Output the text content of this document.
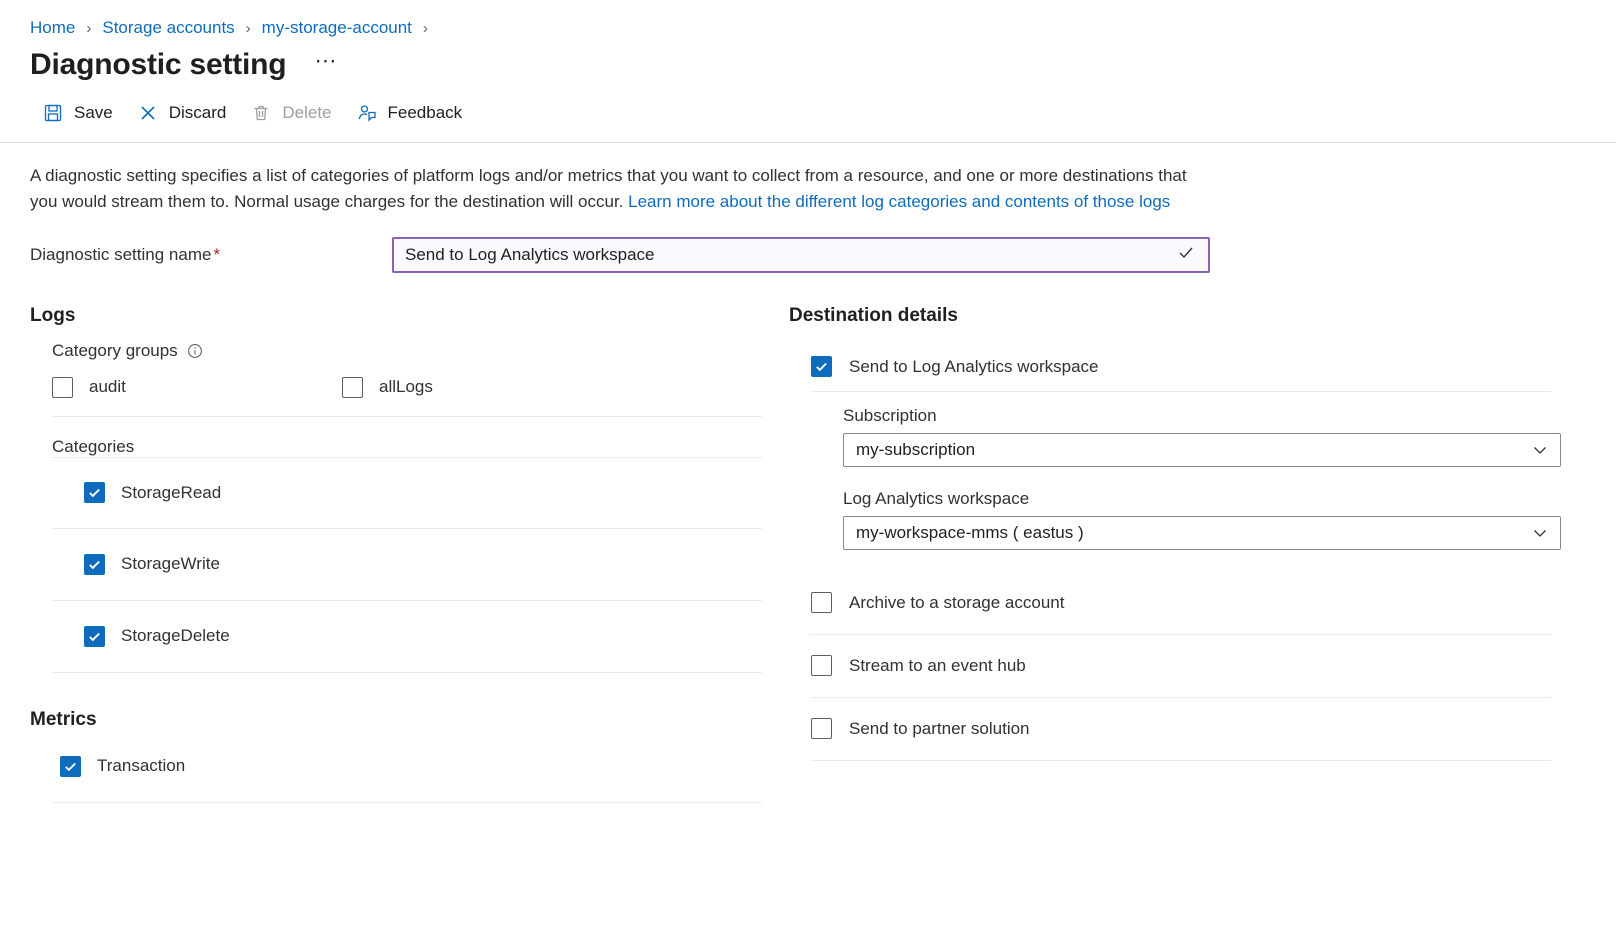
Home › Storage accounts › my-storage-account ›
Diagnostic setting ⋯
Save	Discard	Delete	Feedback
A diagnostic setting specifies a list of categories of platform logs and/or metrics that you want to collect from a resource, and one or more destinations that you would stream them to. Normal usage charges for the destination will occur. Learn more about the different log categories and contents of those logs
Diagnostic setting name *
Send to Log Analytics workspace
Logs
Category groups
audit	allLogs
Categories
StorageRead
StorageWrite
StorageDelete
Metrics
Transaction
Destination details
Send to Log Analytics workspace
Subscription
my-subscription
Log Analytics workspace
my-workspace-mms ( eastus )
Archive to a storage account
Stream to an event hub
Send to partner solution
